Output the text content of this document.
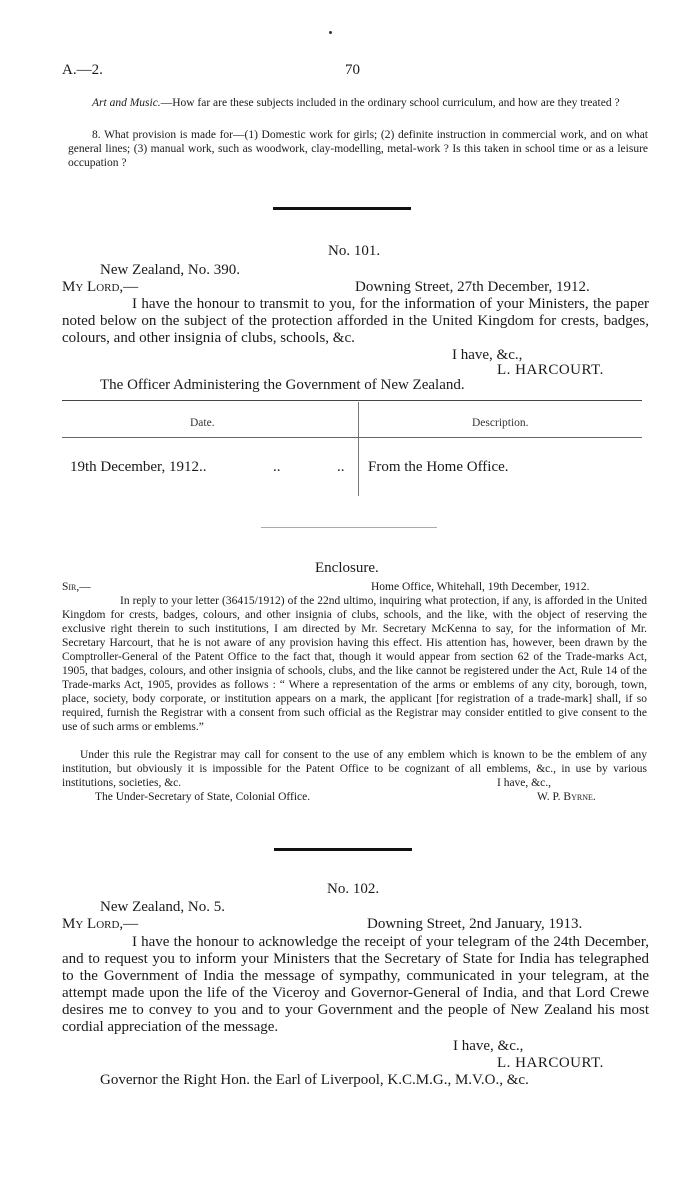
A.—2.	70

Art and Music.—How far are these subjects included in the ordinary school curriculum, and how are they treated ?

8. What provision is made for—(1) Domestic work for girls; (2) definite instruction in commercial work, and on what general lines; (3) manual work, such as woodwork, clay-modelling, metal-work ? Is this taken in school time or as a leisure occupation ?

No. 101.
New Zealand, No. 390.
My Lord,—	Downing Street, 27th December, 1912.

I have the honour to transmit to you, for the information of your Ministers, the paper noted below on the subject of the protection afforded in the United Kingdom for crests, badges, colours, and other insignia of clubs, schools, &c.

I have, &c.,
L. HARCOURT.
The Officer Administering the Government of New Zealand.
Date.	Description.
19th December, 1912..	..	.. From the Home Office.
Enclosure.
Sir,—	Home Office, Whitehall, 19th December, 1912.

In reply to your letter (36415/1912) of the 22nd ultimo, inquiring what protection, if any, is afforded in the United Kingdom for crests, badges, colours, and other insignia of clubs, schools, and the like, with the object of reserving the exclusive right therein to such institutions, I am directed by Mr. Secretary McKenna to say, for the information of Mr. Secretary Harcourt, that he is not aware of any provision having this effect. His attention has, however, been drawn by the Comptroller-General of the Patent Office to the fact that, though it would appear from section 62 of the Trade-marks Act, 1905, that badges, colours, and other insignia of schools, clubs, and the like cannot be registered under the Act, Rule 14 of the Trade-marks Act, 1905, provides as follows : “ Where a representation of the arms or emblems of any city, borough, town, place, society, body corporate, or institution appears on a mark, the applicant [for registration of a trade-mark] shall, if so required, furnish the Registrar with a consent from such official as the Registrar may consider entitled to give consent to the use of such arms or emblems.”

Under this rule the Registrar may call for consent to the use of any emblem which is known to be the emblem of any institution, but obviously it is impossible for the Patent Office to be cognizant of all emblems, &c., in use by various institutions, societies, &c.	I have, &c.,
W. P. Byrne.
The Under-Secretary of State, Colonial Office.
No. 102.
New Zealand, No. 5.
My Lord,—	Downing Street, 2nd January, 1913.

I have the honour to acknowledge the receipt of your telegram of the 24th December, and to request you to inform your Ministers that the Secretary of State for India has telegraphed to the Government of India the message of sympathy, communicated in your telegram, at the attempt made upon the life of the Viceroy and Governor-General of India, and that Lord Crewe desires me to convey to you and to your Government and the people of New Zealand his most cordial appreciation of the message.

I have, &c.,
L. HARCOURT.
Governor the Right Hon. the Earl of Liverpool, K.C.M.G., M.V.O., &c.
